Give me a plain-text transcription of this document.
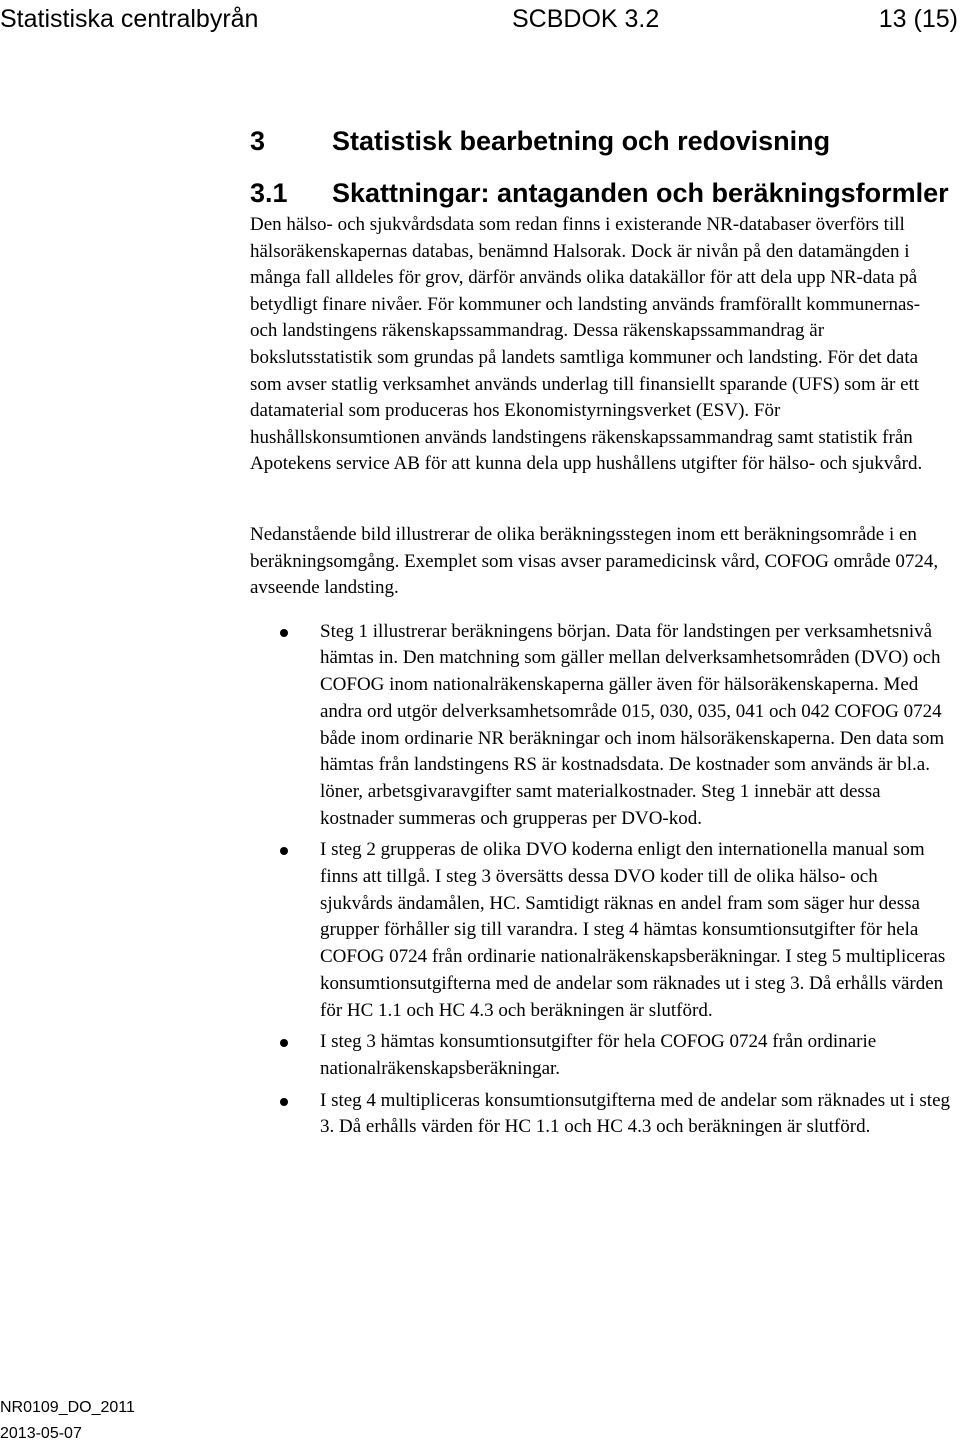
Statistiska centralbyrån	SCBDOK 3.2	13 (15)
3	Statistisk bearbetning och redovisning
3.1	Skattningar: antaganden och beräkningsformler

Den hälso- och sjukvårdsdata som redan finns i existerande NR-databaser överförs till hälsoräkenskapernas databas, benämnd Halsorak. Dock är nivån på den datamängden i många fall alldeles för grov, därför används olika datakällor för att dela upp NR-data på betydligt finare nivåer. För kommuner och landsting används framförallt kommunernas- och landstingens räkenskapssammandrag. Dessa räkenskapssammandrag är bokslutsstatistik som grundas på landets samtliga kommuner och landsting. För det data som avser statlig verksamhet används underlag till finansiellt sparande (UFS) som är ett datamaterial som produceras hos Ekonomistyrningsverket (ESV). För hushållskonsumtionen används landstingens räkenskapssammandrag samt statistik från Apotekens service AB för att kunna dela upp hushållens utgifter för hälso- och sjukvård.

Nedanstående bild illustrerar de olika beräkningsstegen inom ett beräkningsområde i en beräkningsomgång. Exemplet som visas avser paramedicinsk vård, COFOG område 0724, avseende landsting.

Steg 1 illustrerar beräkningens början. Data för landstingen per verksamhetsnivå hämtas in. Den matchning som gäller mellan delverksamhetsområden (DVO) och COFOG inom nationalräkenskaperna gäller även för hälsoräkenskaperna. Med andra ord utgör delverksamhetsområde 015, 030, 035, 041 och 042 COFOG 0724 både inom ordinarie NR beräkningar och inom hälsoräkenskaperna. Den data som hämtas från landstingens RS är kostnadsdata. De kostnader som används är bl.a. löner, arbetsgivaravgifter samt materialkostnader. Steg 1 innebär att dessa kostnader summeras och grupperas per DVO-kod.
I steg 2 grupperas de olika DVO koderna enligt den internationella manual som finns att tillgå. I steg 3 översätts dessa DVO koder till de olika hälso- och sjukvårds ändamålen, HC. Samtidigt räknas en andel fram som säger hur dessa grupper förhåller sig till varandra. I steg 4 hämtas konsumtionsutgifter för hela COFOG 0724 från ordinarie nationalräkenskapsberäkningar. I steg 5 multipliceras konsumtionsutgifterna med de andelar som räknades ut i steg 3. Då erhålls värden för HC 1.1 och HC 4.3 och beräkningen är slutförd.
I steg 3 hämtas konsumtionsutgifter för hela COFOG 0724 från ordinarie nationalräkenskapsberäkningar.
I steg 4 multipliceras konsumtionsutgifterna med de andelar som räknades ut i steg 3. Då erhålls värden för HC 1.1 och HC 4.3 och beräkningen är slutförd.
NR0109_DO_2011
2013-05-07
